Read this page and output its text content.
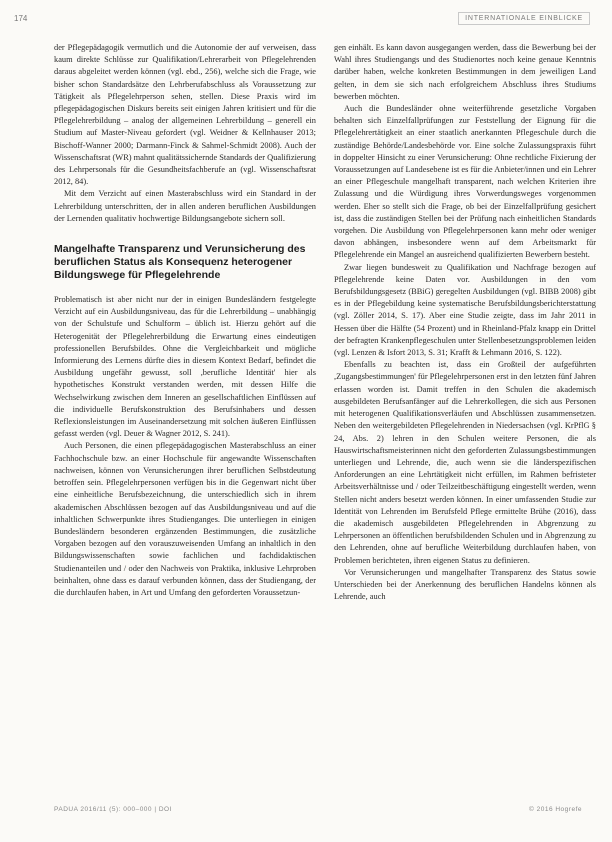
174	INTERNATIONALE EINBLICKE

der Pflegepädagogik vermutlich und die Autonomie der auf verweisen, dass kaum direkte Schlüsse zur Qualifikation/Lehrerarbeit von Pflegelehrenden daraus abgeleitet werden können (vgl. ebd., 256), welche sich die Frage, wie bisher schon Standardsätze den Lehrberufabschluss als Voraussetzung zur Tätigkeit als Pflegelehrperson sehen, stellen. Diese Praxis wird im pflegepädagogischen Diskurs bereits seit einigen Jahren kritisiert und für die Pflegelehrerbildung – analog der allgemeinen Lehrerbildung – generell ein Studium auf Master-Niveau gefordert (vgl. Weidner & Kellnhauser 2013; Bischoff-Wanner 2000; Darmann-Finck & Sahmel-Schmidt 2008). Auch der Wissenschaftsrat (WR) mahnt qualitätssichernde Standards der Qualifizierung des Lehrpersonals für die Gesundheitsfachberufe an (vgl. Wissenschaftsrat 2012, 84).

Mit dem Verzicht auf einen Masterabschluss wird ein Standard in der Lehrerbildung unterschritten, der in allen anderen beruflichen Ausbildungen der Lernenden qualitativ hochwertige Bildungsangebote sichern soll.

Mangelhafte Transparenz und Verunsicherung des beruflichen Status als Konsequenz heterogener Bildungswege für Pflegelehrende

Problematisch ist aber nicht nur der in einigen Bundesländern festgelegte Verzicht auf ein Ausbildungsniveau, das für die Lehrerbildung – unabhängig von der Schulstufe und Schulform – üblich ist. Hierzu gehört auf die Heterogenität der Pflegelehrerbildung die Erwartung eines eindeutigen professionellen Berufsbildes. Ohne die Vergleichbarkeit und mögliche Informierung des Lernens dürfte dies in diesem Kontext Bedarf, befindet die Ausbildung ungefähr gewusst, soll ,berufliche Identität' hier als hypothetisches Konstrukt verstanden werden, mit dessen Hilfe die Wechselwirkung zwischen dem Inneren an gesellschaftlichen Einflüssen auf die individuelle Berufskonstruktion des Berufsinhabers und dessen Reflexionsleistungen im Auseinandersetzung mit solchen äußeren Einflüssen gefasst werden (vgl. Deuer & Wagner 2012, S. 241).

Auch Personen, die einen pflegepädagogischen Masterabschluss an einer Fachhochschule bzw. an einer Hochschule für angewandte Wissenschaften nachweisen, können von Verunsicherungen ihrer beruflichen Selbstdeutung betroffen sein. Pflegelehrpersonen verfügen bis in die Gegenwart nicht über eine einheitliche Berufsbezeichnung, die unterschiedlich sich in ihrem akademischen Abschlüssen bezogen auf das Ausbildungsniveau und auf die inhaltlichen Schwerpunkte ihres Studienganges. Die unterliegen in einigen Bundesländern besonderen ergänzenden Bestimmungen, die zusätzliche Vorgaben bezogen auf den vorauszuweisenden Umfang an inhaltlich in den Bildungswissenschaften sowie fachlichen und fachdidaktischen Studienanteilen und / oder den Nachweis von Praktika, inklusive Lehrproben beinhalten, ohne dass es darauf verbunden können, dass der Studiengang, der die durchlaufen haben, in Art und Umfang den geforderten Voraussetzun-

gen einhält. Es kann davon ausgegangen werden, dass die Bewerbung bei der Wahl ihres Studiengangs und des Studienortes noch keine genaue Kenntnis darüber haben, welche konkreten Bestimmungen in dem jeweiligen Land gelten, in dem sie sich nach erfolgreichem Abschluss ihres Studiums bewerben möchten.

Auch die Bundesländer ohne weiterführende gesetzliche Vorgaben behalten sich Einzelfallprüfungen zur Feststellung der Eignung für die Pflegelehrertätigkeit an einer staatlich anerkannten Pflegeschule durch die zuständige Behörde/Landesbehörde vor. Eine solche Zulassungspraxis führt in doppelter Hinsicht zu einer Verunsicherung: Ohne rechtliche Fixierung der Voraussetzungen auf Landesebene ist es für die Anbieter/innen und ein Lehrer an einer Pflegeschule mangelhaft transparent, nach welchen Kriterien ihre Zulassung und die Würdigung ihres Vorwerdungsweges vorgenommen werden. Eher so stellt sich die Frage, ob bei der Einzelfallprüfung gesichert ist, dass die zuständigen Stellen bei der Prüfung nach einheitlichen Standards vorgehen. Die Ausbildung von Pflegelehrpersonen kann mehr oder weniger davon abhängen, insbesondere wenn auf dem Arbeitsmarkt für Pflegelehrende ein Mangel an ausreichend qualifizierten Bewerbern besteht.

Zwar liegen bundesweit zu Qualifikation und Nachfrage bezogen auf Pflegelehrende keine Daten vor. Ausbildungen in den vom Berufsbildungsgesetz (BBiG) geregelten Ausbildungen (vgl. BIBB 2008) gibt es in der Pflegebildung keine systematische Berufsbildungsberichterstattung (vgl. Zöller 2014, S. 17). Aber eine Studie zeigte, dass im Jahr 2011 in Hessen über die Hälfte (54 Prozent) und in Rheinland-Pfalz knapp ein Drittel der befragten Krankenpflegeschulen unter Stellenbesetzungsproblemen leiden (vgl. Lenzen & Isfort 2013, S. 31; Krafft & Lehmann 2016, S. 122).

Ebenfalls zu beachten ist, dass ein Großteil der aufgeführten ,Zugangsbestimmungen' für Pflegelehrpersonen erst in den letzten fünf Jahren erlassen worden ist. Damit treffen in den Schulen die akademisch ausgebildeten Berufsanfänger auf die Lehrerkollegen, die sich aus Personen mit heterogenen Qualifikationsverläufen und Abschlüssen zusammensetzen. Neben den weitergebildeten Pflegelehrenden in Niedersachsen (vgl. KrPflG § 24, Abs. 2) lehren in den Schulen weitere Personen, die als Hauswirtschaftsmeisterinnen nicht den geforderten Zulassungsbestimmungen unterliegen und Lehrende, die, auch wenn sie die länderspezifischen Anforderungen an eine Lehrtätigkeit nicht erfüllen, im Rahmen befristeter Arbeitsverhältnisse und / oder Teilzeitbeschäftigung eingestellt werden, wenn Stellen nicht anders besetzt werden können. In einer umfassenden Studie zur Identität von Lehrenden im Berufsfeld Pflege ermittelte Brühe (2016), dass die akademisch ausgebildeten Pflegelehrenden in Abgrenzung zu Lehrpersonen an öffentlichen berufsbildenden Schulen und in Abgrenzung zu den Lehrenden, ohne auf berufliche Weiterbildung durchlaufen haben, von Problemen berichteten, ihren eigenen Status zu definieren.

Vor Verunsicherungen und mangelhafter Transparenz des Status sowie Unterschieden bei der Anerkennung des beruflichen Handelns können als Lehrende, auch

PADUA 2016/11 (5): 000–000 | DOI	© 2016 Hogrefe
